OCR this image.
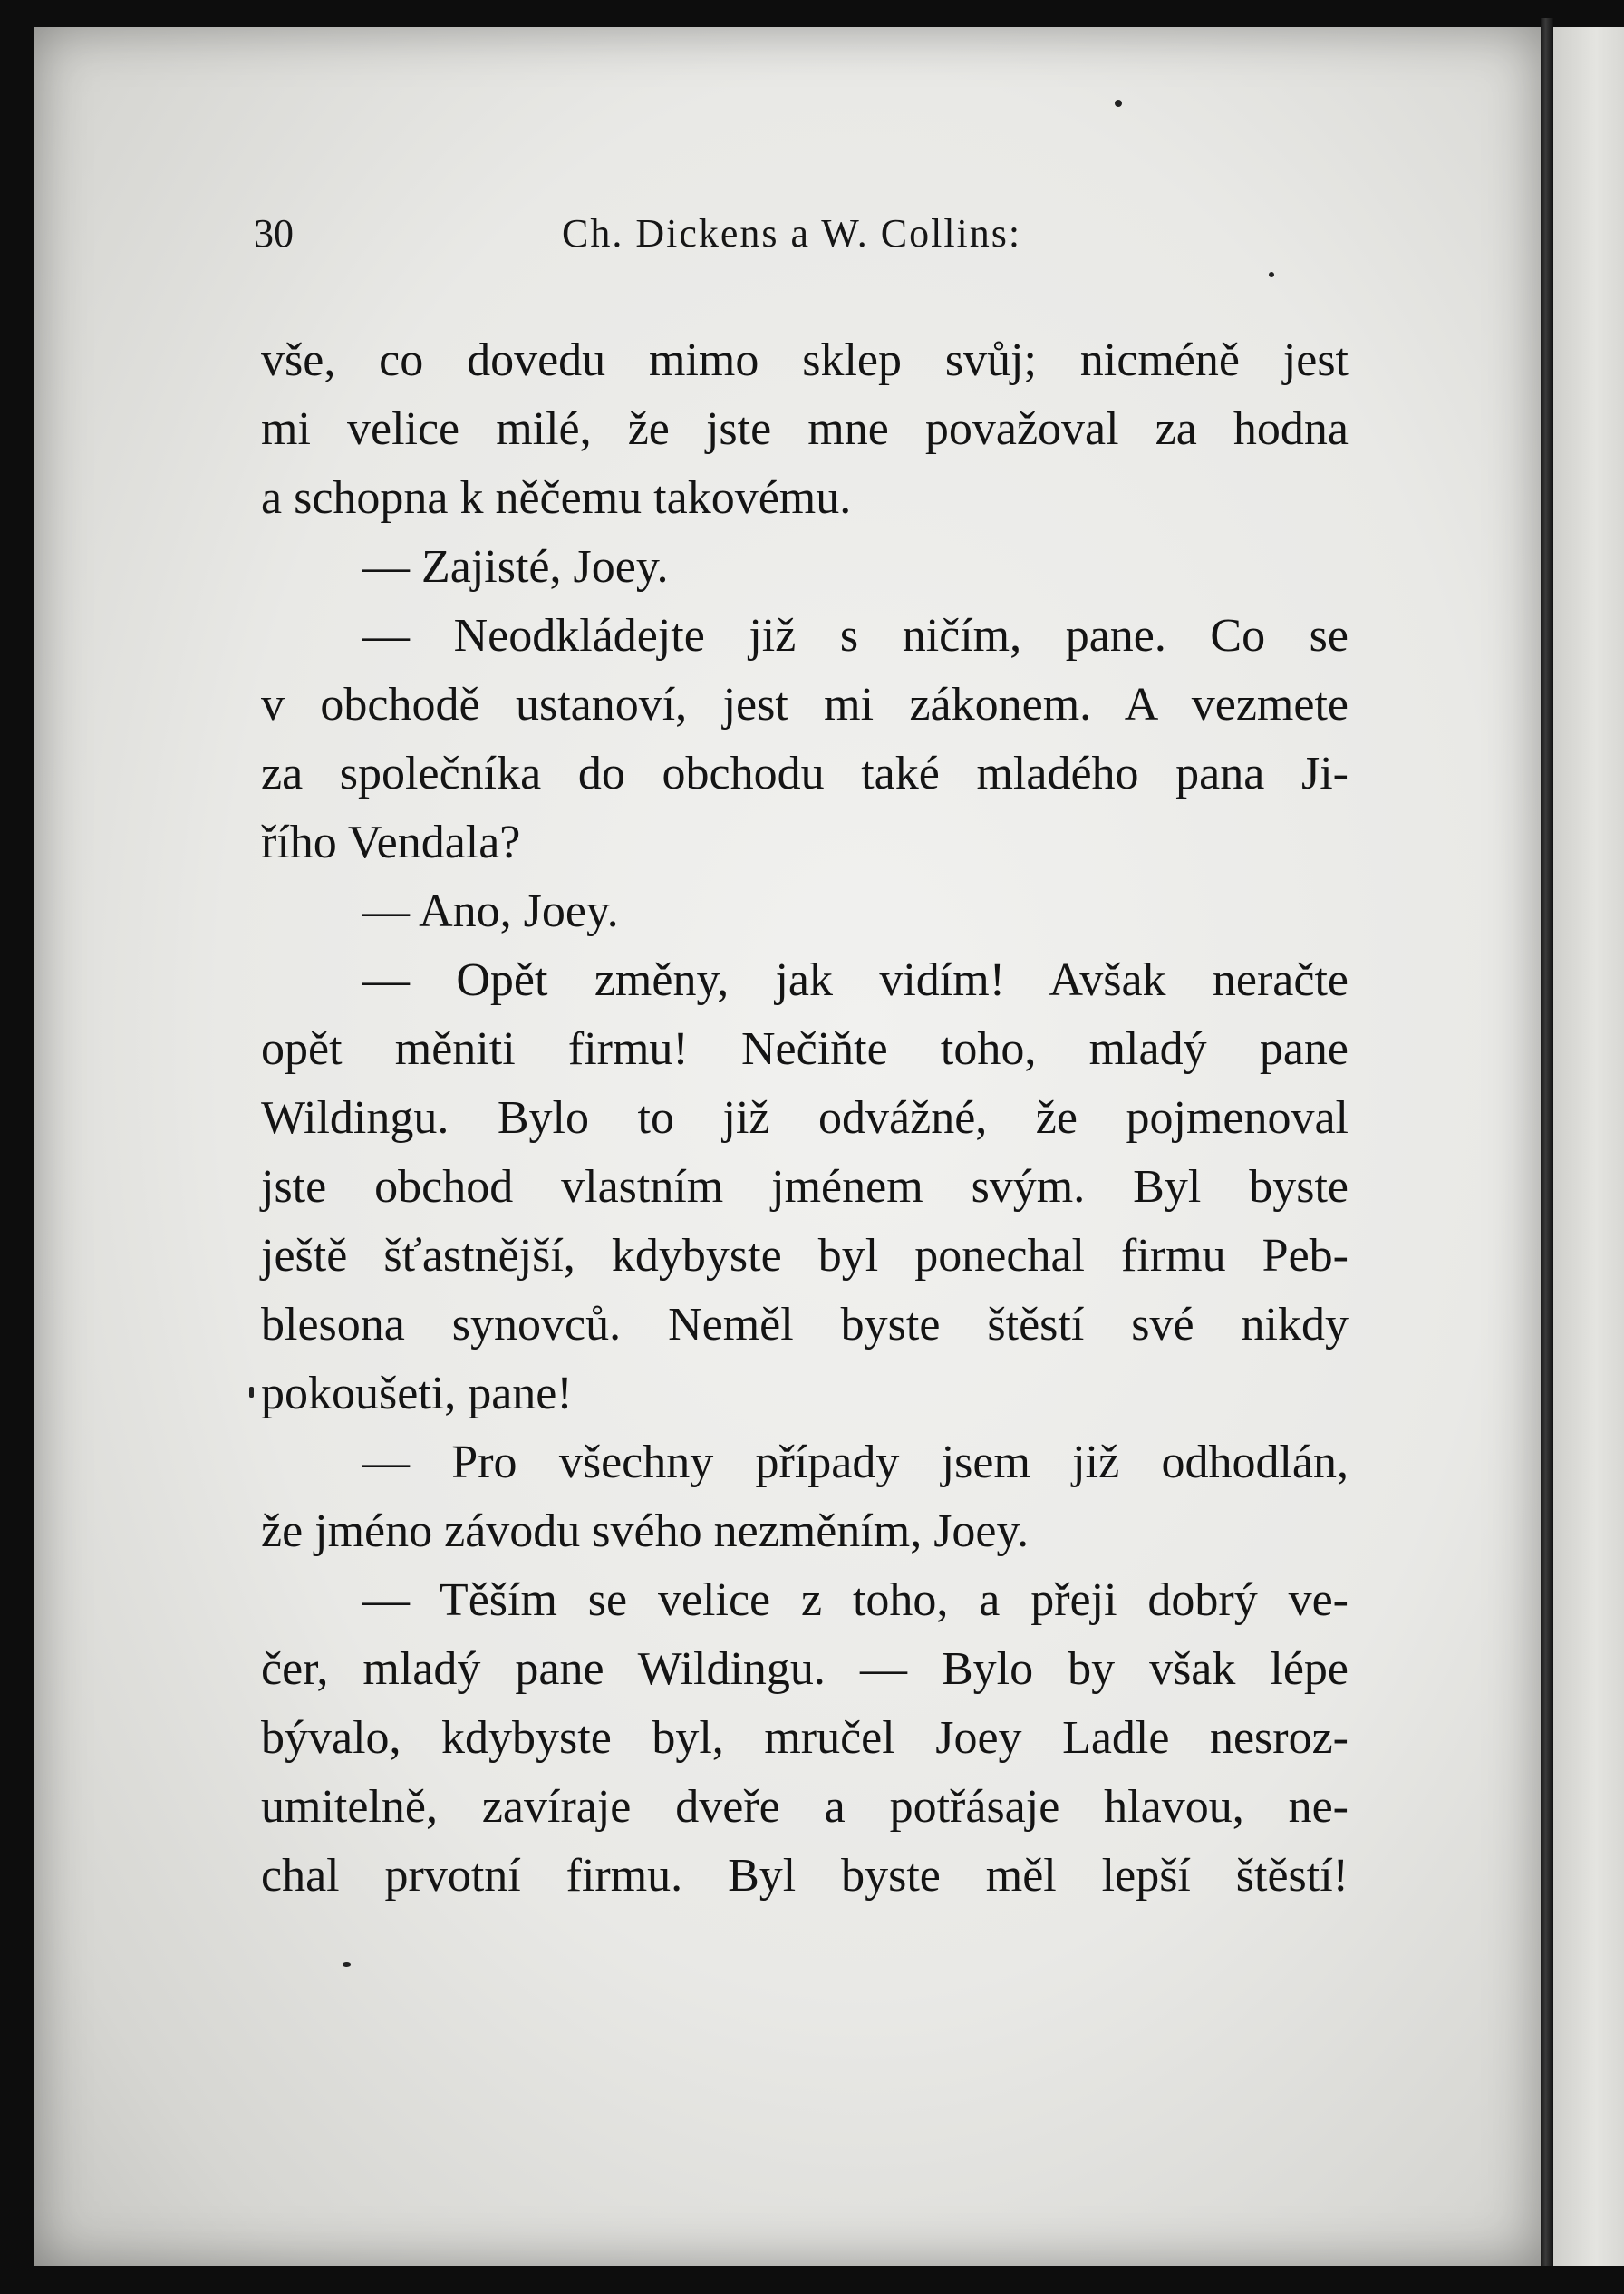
30	Ch. Dickens a W. Collins:
vše, co dovedu mimo sklep svůj; nicméně jest
mi velice milé, že jste mne považoval za hodna
a schopna k něčemu takovému.
— Zajisté, Joey.
— Neodkládejte již s ničím, pane. Co se
v obchodě ustanoví, jest mi zákonem. A vezmete
za společníka do obchodu také mladého pana Ji-
řího Vendala?
— Ano, Joey.
— Opět změny, jak vidím! Avšak neračte
opět měniti firmu! Nečiňte toho, mladý pane
Wildingu. Bylo to již odvážné, že pojmenoval
jste obchod vlastním jménem svým. Byl byste
ještě šťastnější, kdybyste byl ponechal firmu Peb-
blesona synovců. Neměl byste štěstí své nikdy
pokoušeti, pane!
— Pro všechny případy jsem již odhodlán,
že jméno závodu svého nezměním, Joey.
— Těším se velice z toho, a přeji dobrý ve-
čer, mladý pane Wildingu. — Bylo by však lépe
bývalo, kdybyste byl, mručel Joey Ladle nesroz-
umitelně, zavíraje dveře a potřásaje hlavou, ne-
chal prvotní firmu. Byl byste měl lepší štěstí!
